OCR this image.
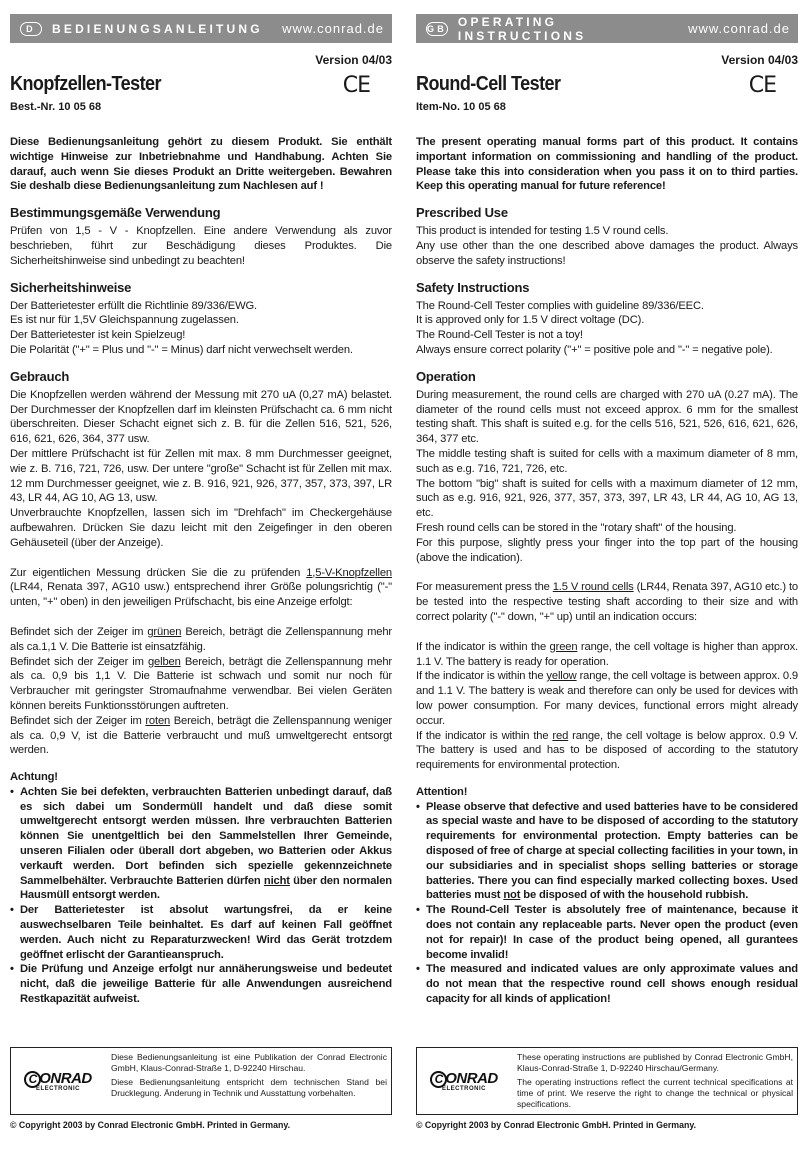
D	BEDIENUNGSANLEITUNG www.conrad.de
Version 04/03
Knopfzellen-Tester	CE
Best.-Nr. 10 05 68
Diese Bedienungsanleitung gehört zu diesem Produkt. Sie enthält wichtige Hinweise zur Inbetriebnahme und Handhabung. Achten Sie darauf, auch wenn Sie dieses Produkt an Dritte weitergeben. Bewahren Sie deshalb diese Bedienungsanleitung zum Nachlesen auf !
Bestimmungsgemäße Verwendung
Prüfen von 1,5 - V - Knopfzellen. Eine andere Verwendung als zuvor beschrieben, führt zur Beschädigung dieses Produktes. Die Sicherheitshinweise sind unbedingt zu beachten!
Sicherheitshinweise

Der Batterietester erfüllt die Richtlinie 89/336/EWG.

Es ist nur für 1,5V Gleichspannung zugelassen.

Der Batterietester ist kein Spielzeug!

Die Polarität ("+" = Plus und "-" = Minus) darf nicht verwechselt werden.

Gebrauch

Die Knopfzellen werden während der Messung mit 270 uA (0,27 mA) belastet. Der Durchmesser der Knopfzellen darf im kleinsten Prüfschacht ca. 6 mm nicht überschreiten. Dieser Schacht eignet sich z. B. für die Zellen 516, 521, 526, 616, 621, 626, 364, 377 usw.

Der mittlere Prüfschacht ist für Zellen mit max. 8 mm Durchmesser geeignet, wie z. B. 716, 721, 726, usw. Der untere "große" Schacht ist für Zellen mit max. 12 mm Durchmesser geeignet, wie z. B. 916, 921, 926, 377, 357, 373, 397, LR 43, LR 44, AG 10, AG 13, usw.

Unverbrauchte Knopfzellen, lassen sich im "Drehfach" im Checkergehäuse aufbewahren. Drücken Sie dazu leicht mit den Zeigefinger in den oberen Gehäuseteil (über der Anzeige).

Zur eigentlichen Messung drücken Sie die zu prüfenden 1,5-V-Knopfzellen (LR44, Renata 397, AG10 usw.) entsprechend ihrer Größe polungsrichtig ("-" unten, "+" oben) in den jeweiligen Prüfschacht, bis eine Anzeige erfolgt:

Befindet sich der Zeiger im grünen Bereich, beträgt die Zellenspannung mehr als ca.1,1 V. Die Batterie ist einsatzfähig.

Befindet sich der Zeiger im gelben Bereich, beträgt die Zellenspannung mehr als ca. 0,9 bis 1,1 V. Die Batterie ist schwach und somit nur noch für Verbraucher mit geringster Stromaufnahme verwendbar. Bei vielen Geräten können bereits Funktionsstörungen auftreten.

Befindet sich der Zeiger im roten Bereich, beträgt die Zellenspannung weniger als ca. 0,9 V, ist die Batterie verbraucht und muß umweltgerecht entsorgt werden.

Achtung!
• Achten Sie bei defekten, verbrauchten Batterien unbedingt darauf, daß es sich dabei um Sondermüll handelt und daß diese somit umweltgerecht entsorgt werden müssen. Ihre verbrauchten Batterien können Sie unentgeltlich bei den Sammelstellen Ihrer Gemeinde, unseren Filialen oder überall dort abgeben, wo Batterien oder Akkus verkauft werden. Dort befinden sich spezielle gekennzeichnete Sammelbehälter. Verbrauchte Batterien dürfen nicht über den normalen Hausmüll entsorgt werden.
• Der Batterietester ist absolut wartungsfrei, da er keine auswechselbaren Teile beinhaltet. Es darf auf keinen Fall geöffnet werden. Auch nicht zu Reparaturzwecken! Wird das Gerät trotzdem geöffnet erlischt der Garantieanspruch.
• Die Prüfung und Anzeige erfolgt nur annäherungsweise und bedeutet nicht, daß die jeweilige Batterie für alle Anwendungen ausreichend Restkapazität aufweist.
C ONRAD
ELECTRONIC

Diese Bedienungsanleitung ist eine Publikation der Conrad Electronic GmbH, Klaus-Conrad-Straße 1, D-92240 Hirschau.

Diese Bedienungsanleitung entspricht dem technischen Stand bei Drucklegung. Änderung in Technik und Ausstattung vorbehalten.

© Copyright 2003 by Conrad Electronic GmbH. Printed in Germany.
GB OPERATING INSTRUCTIONS	www.conrad.de
Version 04/03
Round-Cell Tester	CE
Item-No. 10 05 68
The present operating manual forms part of this product. It contains important information on commissioning and handling of the product. Please take this into consideration when you pass it on to third parties. Keep this operating manual for future reference!
Prescribed Use

This product is intended for testing 1.5 V round cells.

Any use other than the one described above damages the product. Always observe the safety instructions!

Safety Instructions

The Round-Cell Tester complies with guideline 89/336/EEC.

It is approved only for 1.5 V direct voltage (DC).

The Round-Cell Tester is not a toy!

Always ensure correct polarity ("+" = positive pole and "-" = negative pole).

Operation

During measurement, the round cells are charged with 270 uA (0.27 mA). The diameter of the round cells must not exceed approx. 6 mm for the smallest testing shaft. This shaft is suited e.g. for the cells 516, 521, 526, 616, 621, 626, 364, 377 etc.

The middle testing shaft is suited for cells with a maximum diameter of 8 mm, such as e.g. 716, 721, 726, etc.

The bottom "big" shaft is suited for cells with a maximum diameter of 12 mm, such as e.g. 916, 921, 926, 377, 357, 373, 397, LR 43, LR 44, AG 10, AG 13, etc.

Fresh round cells can be stored in the "rotary shaft" of the housing.

For this purpose, slightly press your finger into the top part of the housing (above the indication).

For measurement press the 1.5 V round cells (LR44, Renata 397, AG10 etc.) to be tested into the respective testing shaft according to their size and with correct polarity ("-" down, "+" up) until an indication occurs:

If the indicator is within the green range, the cell voltage is higher than approx. 1.1 V. The battery is ready for operation.

If the indicator is within the yellow range, the cell voltage is between approx. 0.9 and 1.1 V. The battery is weak and therefore can only be used for devices with low power consumption. For many devices, functional errors might already occur.

If the indicator is within the red range, the cell voltage is below approx. 0.9 V. The battery is used and has to be disposed of according to the statutory requirements for environmental protection.

Attention!
• Please observe that defective and used batteries have to be considered as special waste and have to be disposed of according to the statutory requirements for environmental protection. Empty batteries can be disposed of free of charge at special collecting facilities in your town, in our subsidiaries and in specialist shops selling batteries or storage batteries. There you can find especially marked collecting boxes. Used batteries must not be disposed of with the household rubbish.
• The Round-Cell Tester is absolutely free of maintenance, because it does not contain any replaceable parts. Never open the product (even not for repair)! In case of the product being opened, all gurantees become invalid!
• The measured and indicated values are only approximate values and do not mean that the respective round cell shows enough residual capacity for all kinds of application!
C ONRAD
ELECTRONIC

These operating instructions are published by Conrad Electronic GmbH, Klaus-Conrad-Straße 1, D-92240 Hirschau/Germany.

The operating instructions reflect the current technical specifications at time of print. We reserve the right to change the technical or physical specifications.

© Copyright 2003 by Conrad Electronic GmbH. Printed in Germany.
